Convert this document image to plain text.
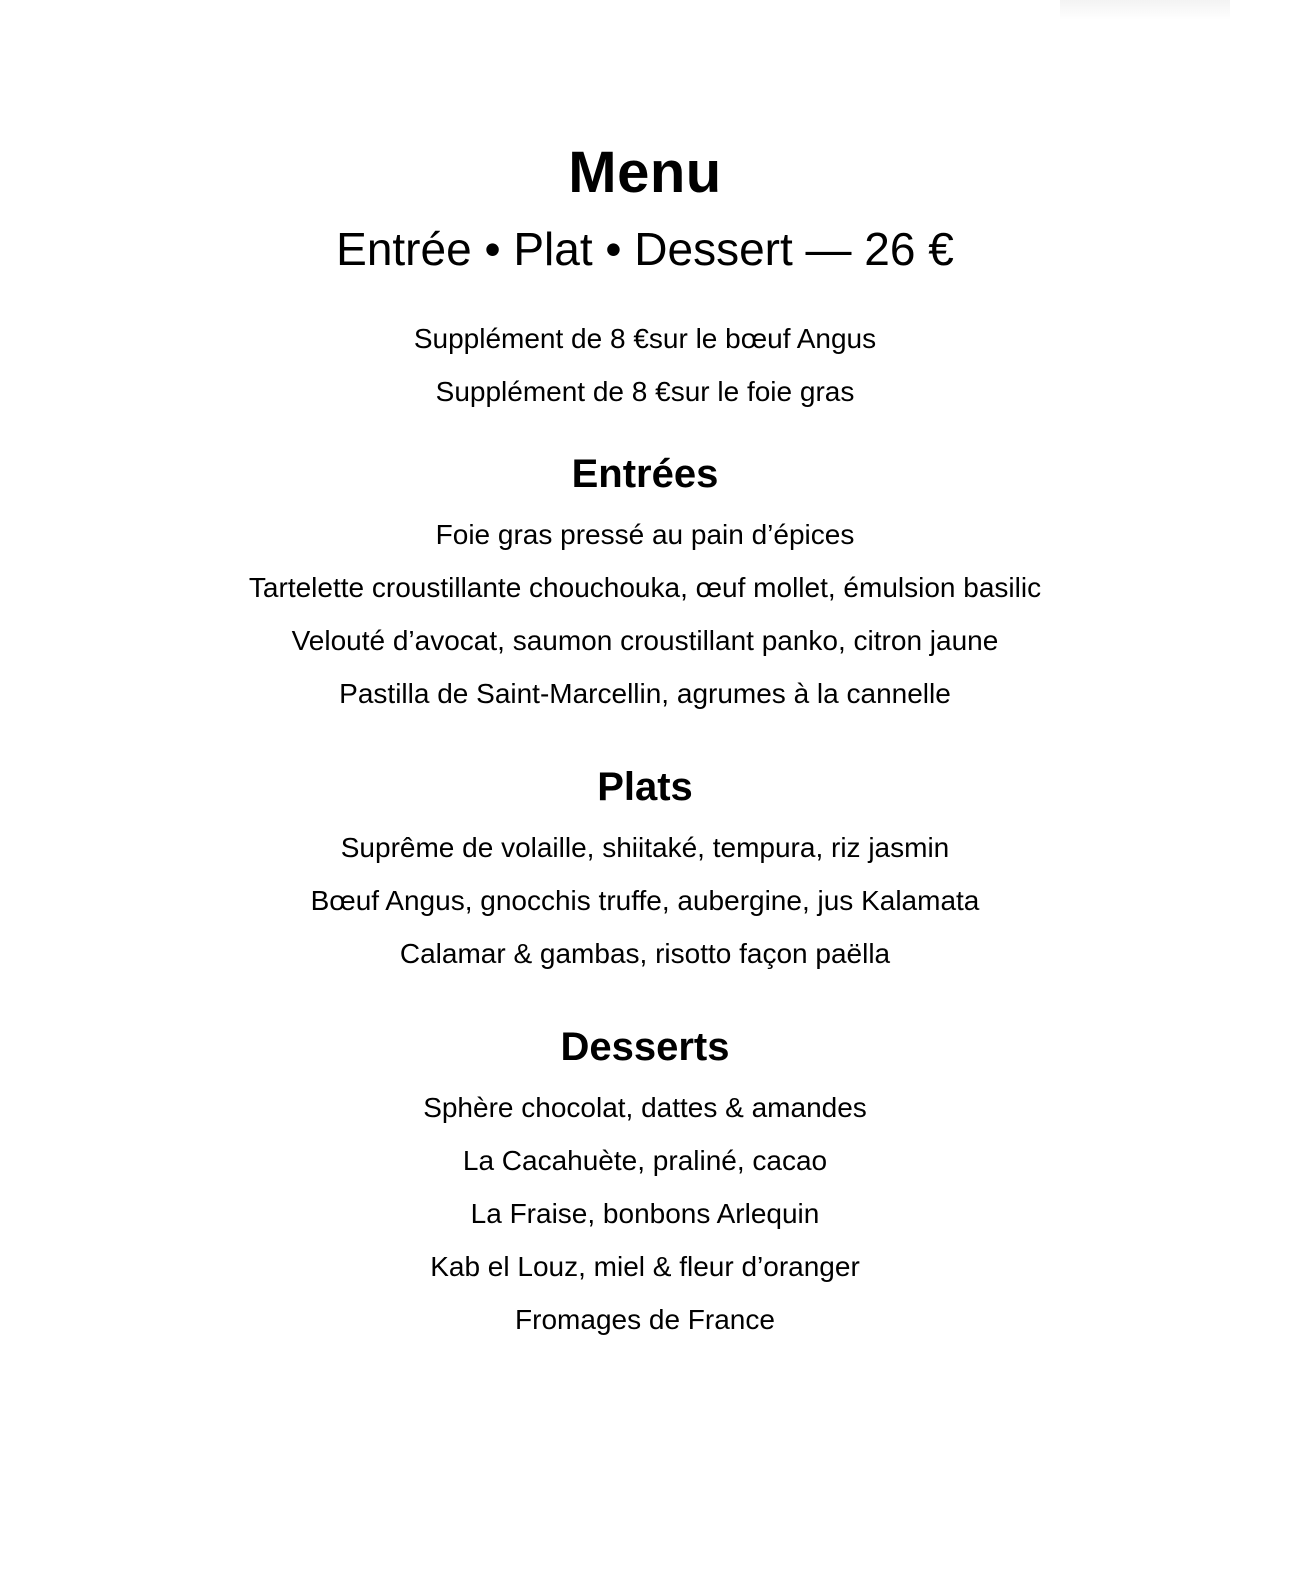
Menu
Entrée • Plat • Dessert — 26 €
Supplément de 8 €sur le bœuf Angus
Supplément de 8 €sur le foie gras
Entrées
Foie gras pressé au pain d’épices
Tartelette croustillante chouchouka, œuf mollet, émulsion basilic
Velouté d’avocat, saumon croustillant panko, citron jaune
Pastilla de Saint-Marcellin, agrumes à la cannelle
Plats
Suprême de volaille, shiitaké, tempura, riz jasmin
Bœuf Angus, gnocchis truffe, aubergine, jus Kalamata
Calamar & gambas, risotto façon paëlla
Desserts
Sphère chocolat, dattes & amandes
La Cacahuète, praliné, cacao
La Fraise, bonbons Arlequin
Kab el Louz, miel & fleur d’oranger
Fromages de France
